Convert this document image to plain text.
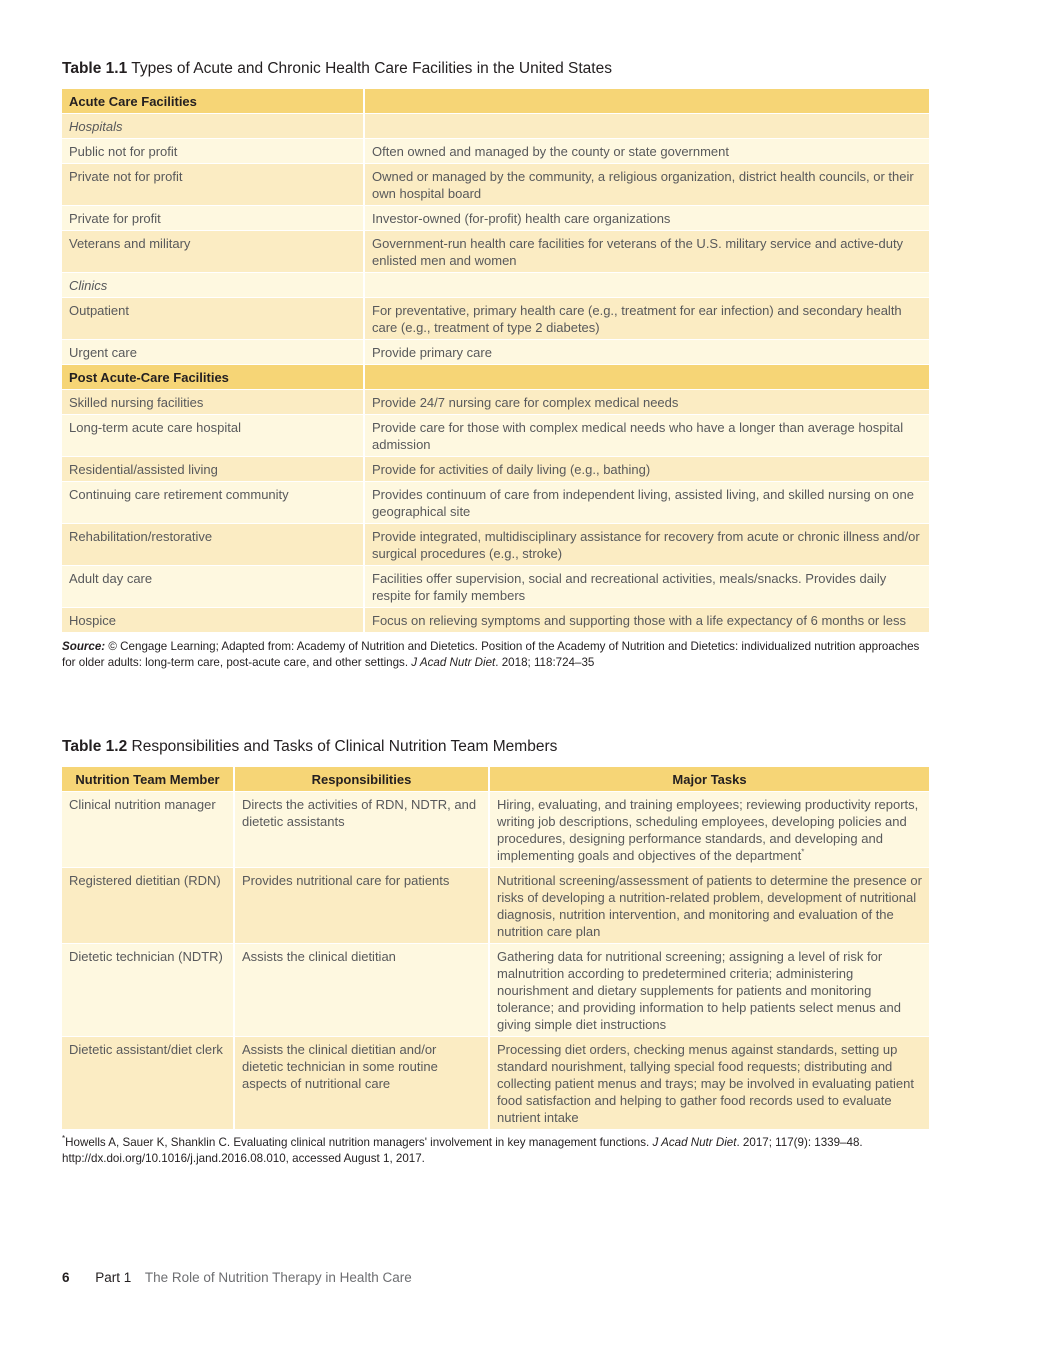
Table 1.1 Types of Acute and Chronic Health Care Facilities in the United States
Acute Care Facilities	
Hospitals	
Public not for profit	Often owned and managed by the county or state government
Private not for profit	Owned or managed by the community, a religious organization, district health councils, or their own hospital board
Private for profit	Investor-owned (for-profit) health care organizations
Veterans and military	Government-run health care facilities for veterans of the U.S. military service and active-duty enlisted men and women
Clinics	
Outpatient	For preventative, primary health care (e.g., treatment for ear infection) and secondary health care (e.g., treatment of type 2 diabetes)
Urgent care	Provide primary care
Post Acute-Care Facilities	
Skilled nursing facilities	Provide 24/7 nursing care for complex medical needs
Long-term acute care hospital	Provide care for those with complex medical needs who have a longer than average hospital admission
Residential/assisted living	Provide for activities of daily living (e.g., bathing)
Continuing care retirement community	Provides continuum of care from independent living, assisted living, and skilled nursing on one geographical site
Rehabilitation/restorative	Provide integrated, multidisciplinary assistance for recovery from acute or chronic illness and/or surgical procedures (e.g., stroke)
Adult day care	Facilities offer supervision, social and recreational activities, meals/snacks. Provides daily respite for family members
Hospice	Focus on relieving symptoms and supporting those with a life expectancy of 6 months or less
Source: © Cengage Learning; Adapted from: Academy of Nutrition and Dietetics. Position of the Academy of Nutrition and Dietetics: individualized nutrition approaches for older adults: long-term care, post-acute care, and other settings. J Acad Nutr Diet. 2018; 118:724–35
Table 1.2 Responsibilities and Tasks of Clinical Nutrition Team Members
Nutrition Team Member	Responsibilities	Major Tasks
Clinical nutrition manager	Directs the activities of RDN, NDTR, and dietetic assistants	Hiring, evaluating, and training employees; reviewing productivity reports, writing job descriptions, scheduling employees, developing policies and procedures, designing performance standards, and developing and implementing goals and objectives of the department*
Registered dietitian (RDN)	Provides nutritional care for patients	Nutritional screening/assessment of patients to determine the presence or risks of developing a nutrition-related problem, development of nutritional diagnosis, nutrition intervention, and monitoring and evaluation of the nutrition care plan
Dietetic technician (NDTR)	Assists the clinical dietitian	Gathering data for nutritional screening; assigning a level of risk for malnutrition according to predetermined criteria; administering nourishment and dietary supplements for patients and monitoring tolerance; and providing information to help patients select menus and giving simple diet instructions
Dietetic assistant/diet clerk	Assists the clinical dietitian and/or dietetic technician in some routine aspects of nutritional care	Processing diet orders, checking menus against standards, setting up standard nourishment, tallying special food requests; distributing and collecting patient menus and trays; may be involved in evaluating patient food satisfaction and helping to gather food records used to evaluate nutrient intake
*Howells A, Sauer K, Shanklin C. Evaluating clinical nutrition managers' involvement in key management functions. J Acad Nutr Diet. 2017; 117(9): 1339–48. http://dx.doi.org/10.1016/j.jand.2016.08.010, accessed August 1, 2017.
6 Part 1 The Role of Nutrition Therapy in Health Care
